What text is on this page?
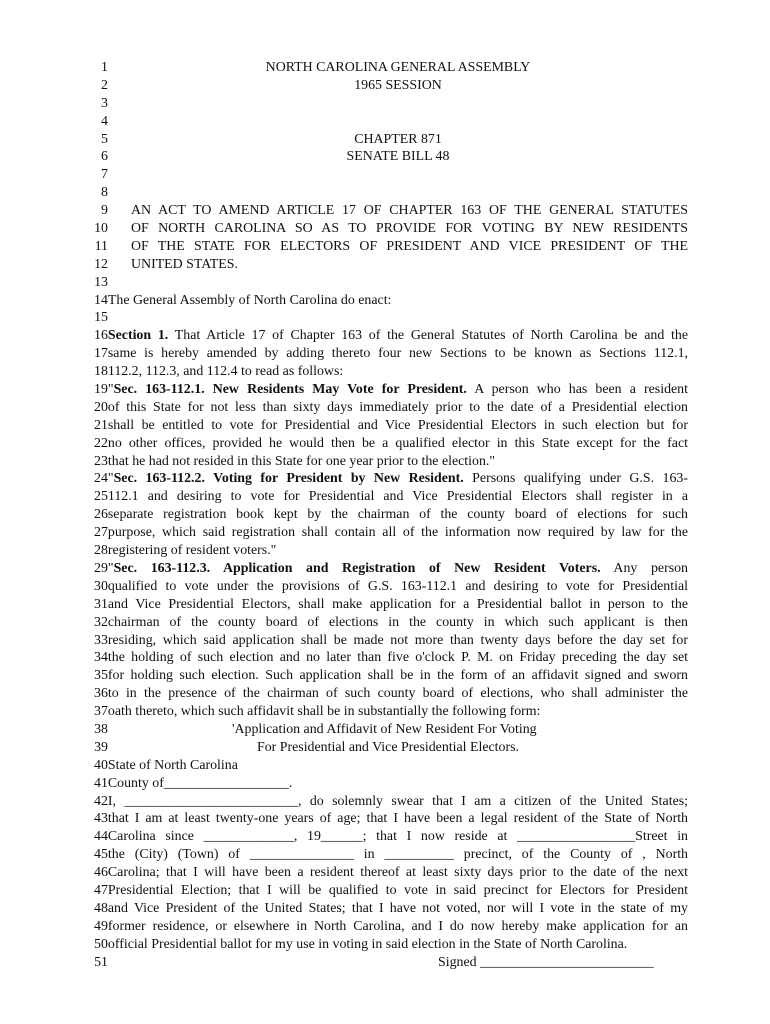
1	NORTH CAROLINA GENERAL ASSEMBLY
2	1965 SESSION
3
4
5	CHAPTER 871
6	SENATE BILL 48
7
8
9 AN ACT TO AMEND ARTICLE 17 OF CHAPTER 163 OF THE GENERAL STATUTES
10 OF NORTH CAROLINA SO AS TO PROVIDE FOR VOTING BY NEW RESIDENTS
11 OF THE STATE FOR ELECTORS OF PRESIDENT AND VICE PRESIDENT OF THE
12 UNITED STATES.
13
14The General Assembly of North Carolina do enact:
15
16Section 1. That Article 17 of Chapter 163 of the General Statutes of North Carolina be and the
17same is hereby amended by adding thereto four new Sections to be known as Sections 112.1,
18112.2, 112.3, and 112.4 to read as follows:
19"Sec. 163-112.1. New Residents May Vote for President. A person who has been a resident
20of this State for not less than sixty days immediately prior to the date of a Presidential election
21shall be entitled to vote for Presidential and Vice Presidential Electors in such election but for
22no other offices, provided he would then be a qualified elector in this State except for the fact
23that he had not resided in this State for one year prior to the election."
24"Sec. 163-112.2. Voting for President by New Resident. Persons qualifying under G.S. 163-
25112.1 and desiring to vote for Presidential and Vice Presidential Electors shall register in a
26separate registration book kept by the chairman of the county board of elections for such
27purpose, which said registration shall contain all of the information now required by law for the
28registering of resident voters."
29"Sec. 163-112.3. Application and Registration of New Resident Voters. Any person
30qualified to vote under the provisions of G.S. 163-112.1 and desiring to vote for Presidential
31and Vice Presidential Electors, shall make application for a Presidential ballot in person to the
32chairman of the county board of elections in the county in which such applicant is then
33residing, which said application shall be made not more than twenty days before the day set for
34the holding of such election and no later than five o'clock P. M. on Friday preceding the day set
35for holding such election. Such application shall be in the form of an affidavit signed and sworn
36to in the presence of the chairman of such county board of elections, who shall administer the
37oath thereto, which such affidavit shall be in substantially the following form:
38	'Application and Affidavit of New Resident For Voting
39	For Presidential and Vice Presidential Electors.
40State of North Carolina
41County of__________________.
42I, _________________________, do solemnly swear that I am a citizen of the United States;
43that I am at least twenty-one years of age; that I have been a legal resident of the State of North
44Carolina since _____________, 19______; that I now reside at _________________Street in
45the (City) (Town) of _______________ in __________ precinct, of the County of , North
46Carolina; that I will have been a resident thereof at least sixty days prior to the date of the next
47Presidential Election; that I will be qualified to vote in said precinct for Electors for President
48and Vice President of the United States; that I have not voted, nor will I vote in the state of my
49former residence, or elsewhere in North Carolina, and I do now hereby make application for an
50official Presidential ballot for my use in voting in said election in the State of North Carolina.
51	Signed _________________________
